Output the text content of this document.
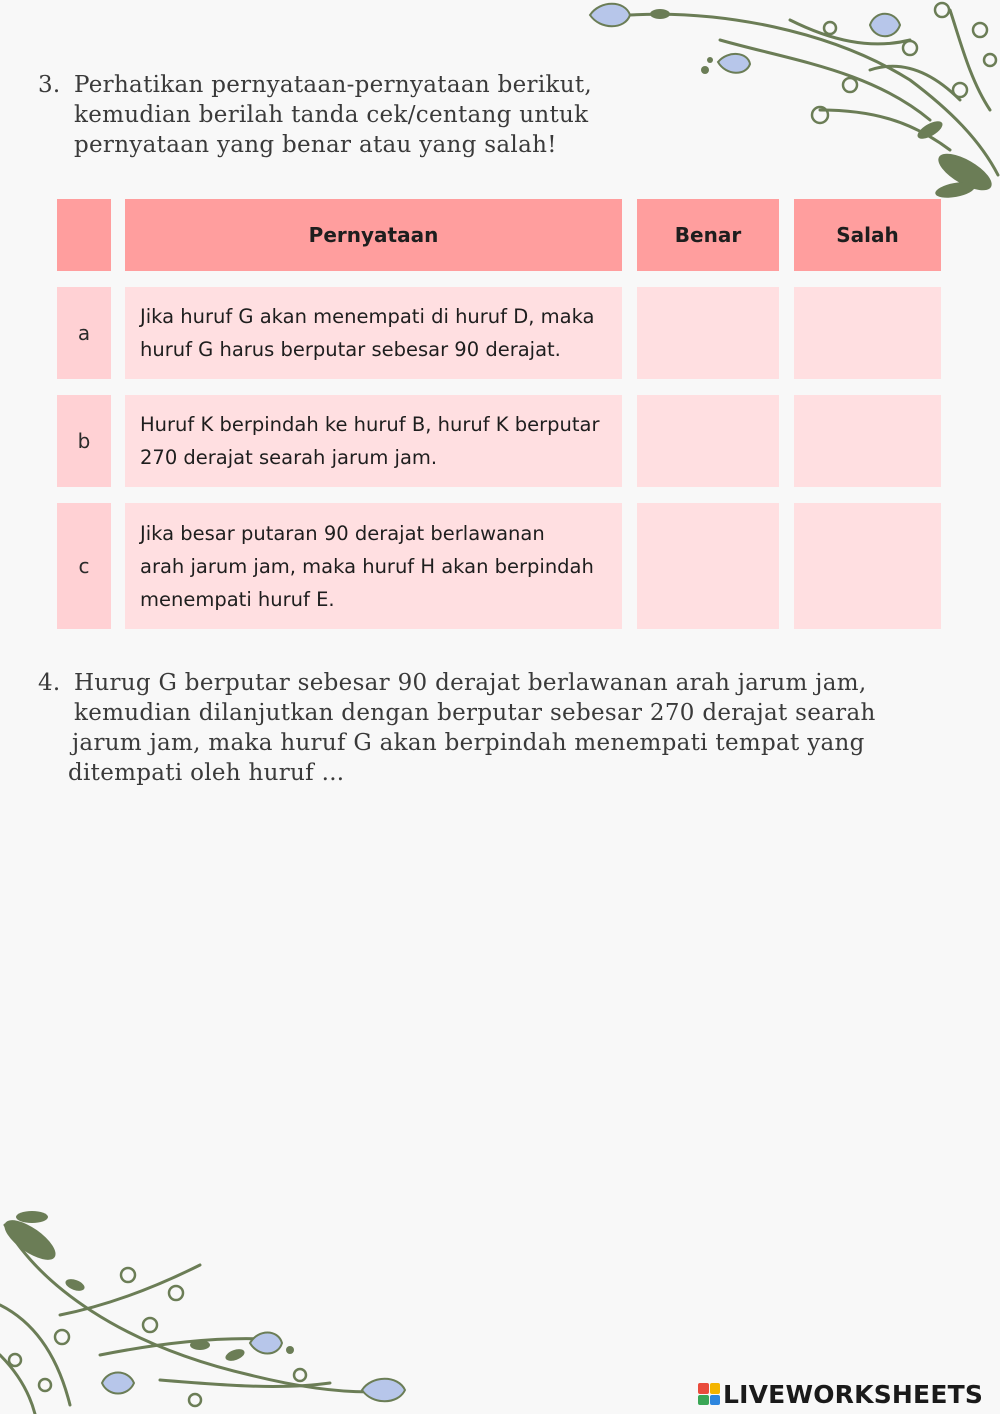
3. Perhatikan pernyataan-pernyataan berikut,
kemudian berilah tanda cek/centang untuk
pernyataan yang benar atau yang salah!
Pernyataan	Benar	Salah
a
Jika huruf G akan menempati di huruf D, maka
huruf G harus berputar sebesar 90 derajat.
b
Huruf K berpindah ke huruf B, huruf K berputar
270 derajat searah jarum jam.
c
Jika besar putaran 90 derajat berlawanan
arah jarum jam, maka huruf H akan berpindah
menempati huruf E.
4. Hurug G berputar sebesar 90 derajat berlawanan arah jarum jam,
kemudian dilanjutkan dengan berputar sebesar 270 derajat searah
jarum jam, maka huruf G akan berpindah menempati tempat yang
ditempati oleh huruf ...
LIVEWORKSHEETS
